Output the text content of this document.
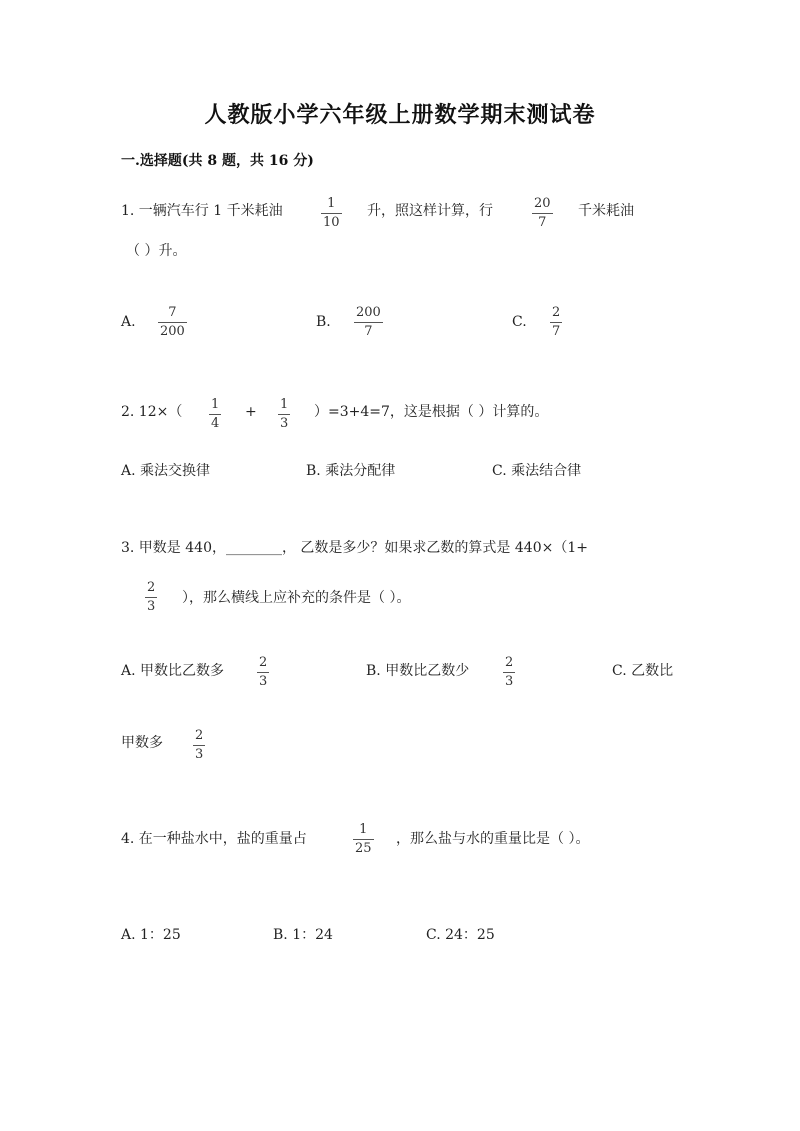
人教版小学六年级上册数学期末测试卷
一.选择题(共 8 题，共 16 分)
1. 一辆汽车行 1 千米耗油	1
10
升，照这样计算，行	20
7
千米耗油
（ ）升。
A.
7
200
B.
200
7
C.
2
7
2. 12×（ 1
4
+ 1
3
）=3+4=7，这是根据（ ）计算的。
A. 乘法交换律	B. 乘法分配律	C. 乘法结合律
3. 甲数是 440，________， 乙数是多少？如果求乙数的算式是 440×（1+
2
3
），那么横线上应补充的条件是（ ）。
A. 甲数比乙数多
2
3
B. 甲数比乙数少
2
3
C. 乙数比
甲数多 2
3
4. 在一种盐水中，盐的重量占
1
25
，那么盐与水的重量比是（ ）。
A. 1：25	B. 1：24	C. 24：25
